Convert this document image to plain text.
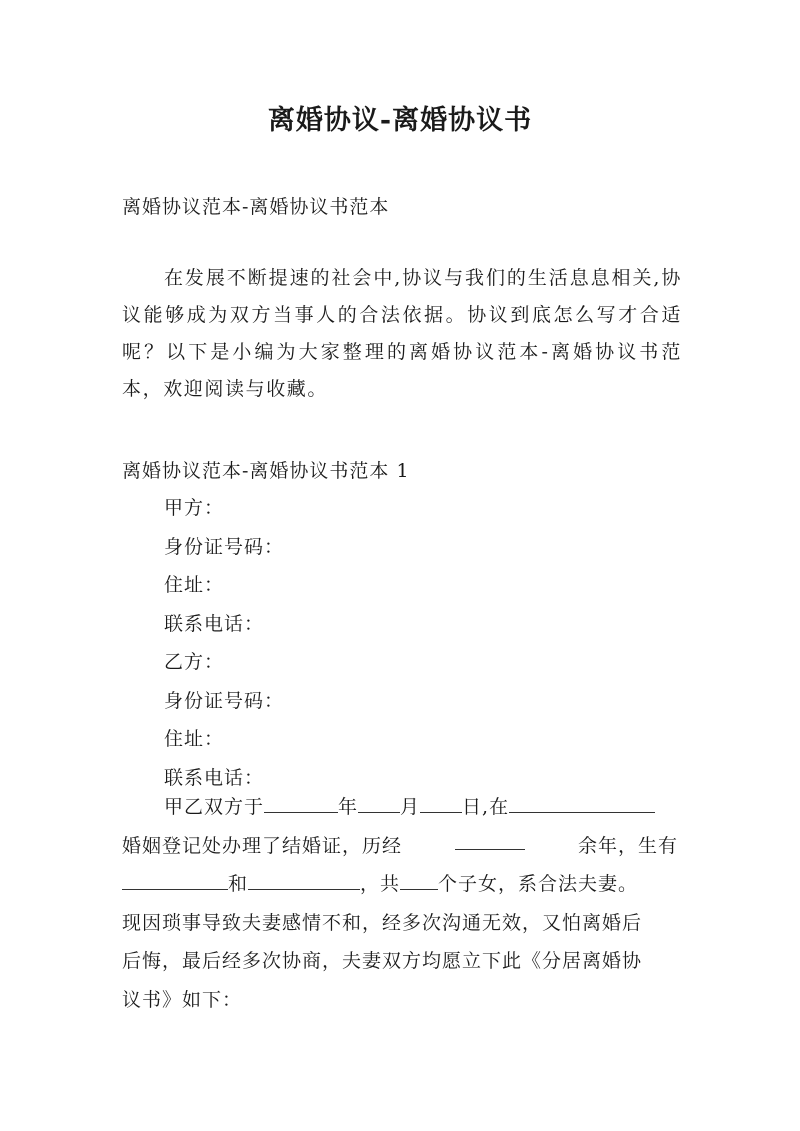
离婚协议-离婚协议书
离婚协议范本-离婚协议书范本

在发展不断提速的社会中,协议与我们的生活息息相关,协议能够成为双方当事人的合法依据。协议到底怎么写才合适呢？以下是小编为大家整理的离婚协议范本-离婚协议书范本，欢迎阅读与收藏。

离婚协议范本-离婚协议书范本 1
甲方：
身份证号码：
住址：
联系电话：
乙方：
身份证号码：
住址：
联系电话：
甲乙双方于	年 月 日,在
婚姻登记处办理了结婚证，历经	余年，生有
和	，共 个子女，系合法夫妻。
现因琐事导致夫妻感情不和，经多次沟通无效，又怕离婚后
后悔，最后经多次协商，夫妻双方均愿立下此《分居离婚协
议书》如下：
